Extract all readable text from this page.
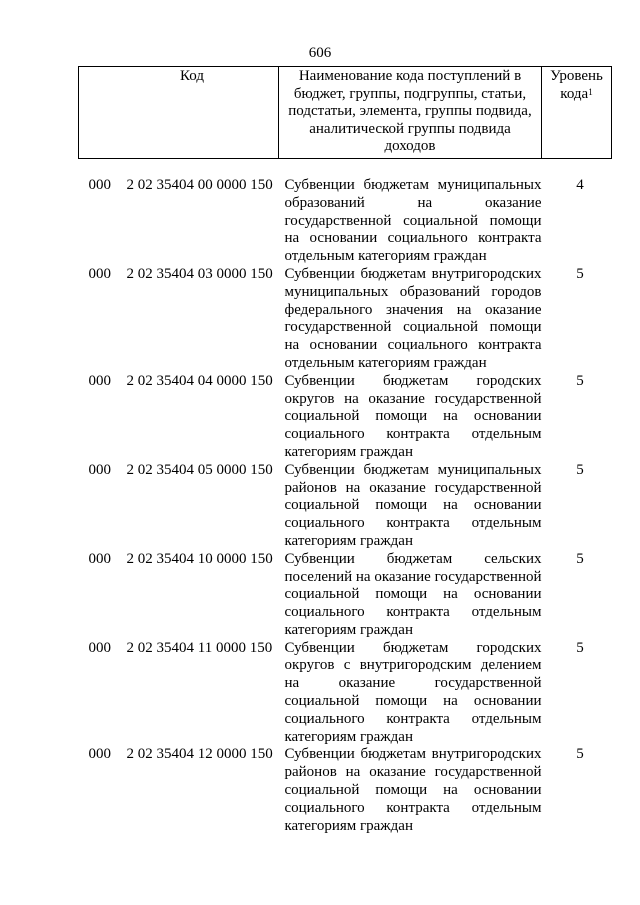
606
Код		Наименование кода поступлений в бюджет, группы, подгруппы, статьи, подстатьи, элемента, группы подвида, аналитической группы подвида доходов	Уровень кода$^1$

000	2 02 35404 00 0000 150	Субвенции бюджетам муниципальных образований на оказание государственной социальной помощи на основании социального контракта отдельным категориям граждан	4
000	2 02 35404 03 0000 150	Субвенции бюджетам внутригородских муниципальных образований городов федерального значения на оказание государственной социальной помощи на основании социального контракта отдельным категориям граждан	5
000	2 02 35404 04 0000 150	Субвенции бюджетам городских округов на оказание государственной социальной помощи на основании социального контракта отдельным категориям граждан	5
000	2 02 35404 05 0000 150	Субвенции бюджетам муниципальных районов на оказание государственной социальной помощи на основании социального контракта отдельным категориям граждан	5
000	2 02 35404 10 0000 150	Субвенции бюджетам сельских поселений на оказание государственной социальной помощи на основании социального контракта отдельным категориям граждан	5
000	2 02 35404 11 0000 150	Субвенции бюджетам городских округов с внутригородским делением на оказание государственной социальной помощи на основании социального контракта отдельным категориям граждан	5
000	2 02 35404 12 0000 150	Субвенции бюджетам внутригородских районов на оказание государственной социальной помощи на основании социального контракта отдельным категориям граждан	5
